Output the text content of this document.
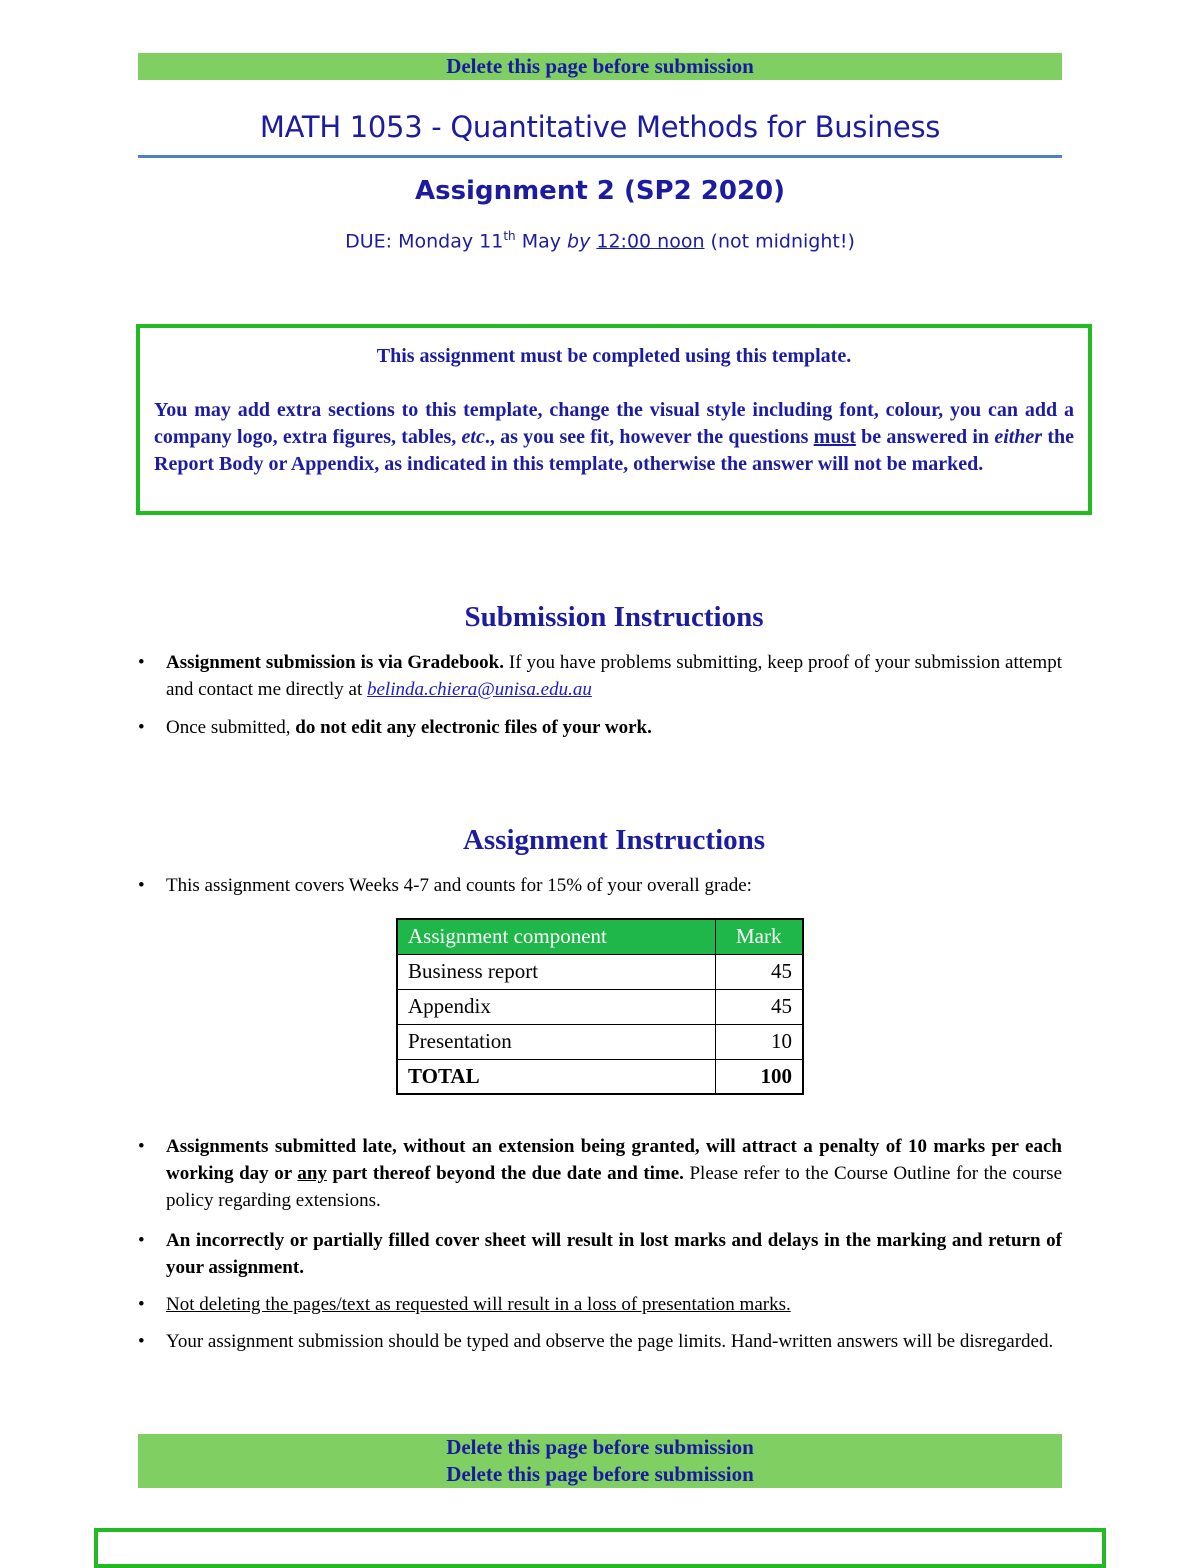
Delete this page before submission
MATH 1053 - Quantitative Methods for Business
Assignment 2 (SP2 2020)
DUE: Monday 11th May by 12:00 noon (not midnight!)
This assignment must be completed using this template.
You may add extra sections to this template, change the visual style including font, colour, you can add a company logo, extra figures, tables, etc., as you see fit, however the questions must be answered in either the Report Body or Appendix, as indicated in this template, otherwise the answer will not be marked.
Submission Instructions
• Assignment submission is via Gradebook. If you have problems submitting, keep proof of your submission attempt and contact me directly at belinda.chiera@unisa.edu.au
• Once submitted, do not edit any electronic files of your work.
Assignment Instructions
• This assignment covers Weeks 4-7 and counts for 15% of your overall grade:
Assignment component	Mark
Business report	45
Appendix	45
Presentation	10
TOTAL	100
• Assignments submitted late, without an extension being granted, will attract a penalty of 10 marks per each working day or any part thereof beyond the due date and time. Please refer to the Course Outline for the course policy regarding extensions.
• An incorrectly or partially filled cover sheet will result in lost marks and delays in the marking and return of your assignment.
• Not deleting the pages/text as requested will result in a loss of presentation marks.
• Your assignment submission should be typed and observe the page limits. Hand-written answers will be disregarded.
Delete this page before submission
Delete this page before submission
